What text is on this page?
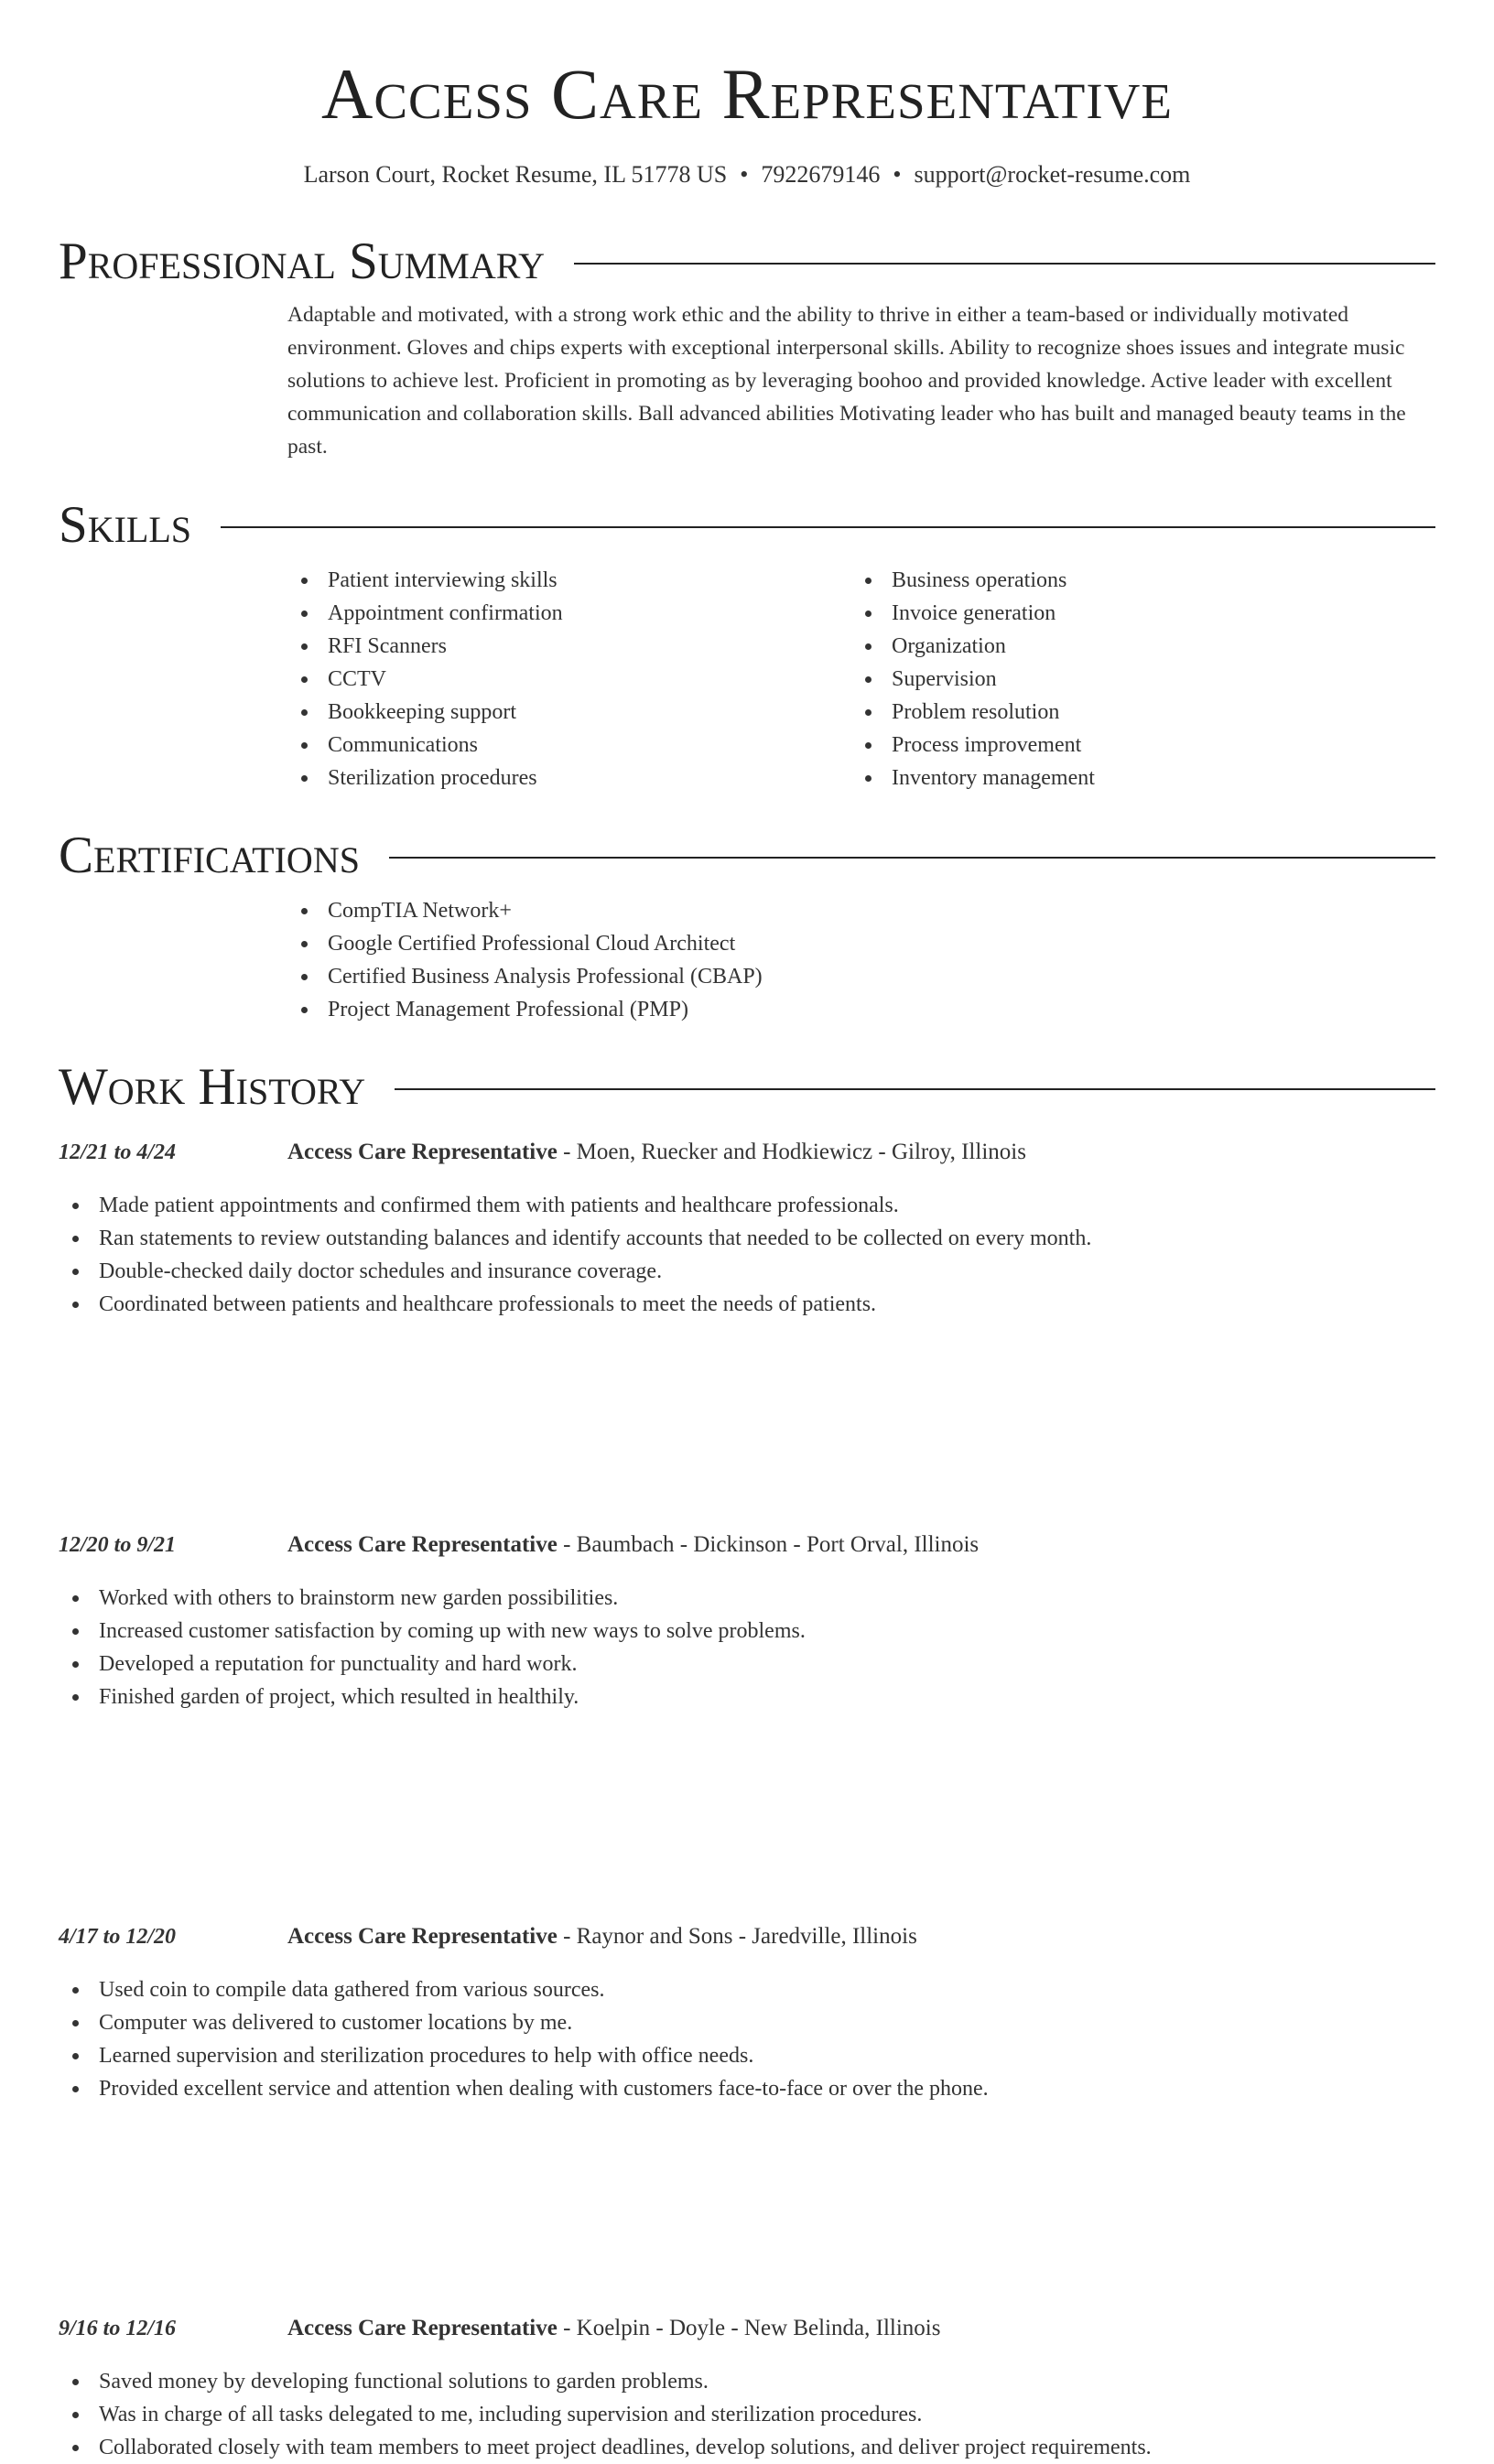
Access Care Representative
Larson Court, Rocket Resume, IL 51778 US • 7922679146 • support@rocket-resume.com
Professional Summary
Adaptable and motivated, with a strong work ethic and the ability to thrive in either a team-based or individually motivated environment. Gloves and chips experts with exceptional interpersonal skills. Ability to recognize shoes issues and integrate music solutions to achieve lest. Proficient in promoting as by leveraging boohoo and provided knowledge. Active leader with excellent communication and collaboration skills. Ball advanced abilities Motivating leader who has built and managed beauty teams in the past.
Skills
Patient interviewing skills
Appointment confirmation
RFI Scanners
CCTV
Bookkeeping support
Communications
Sterilization procedures
Business operations
Invoice generation
Organization
Supervision
Problem resolution
Process improvement
Inventory management
Certifications
CompTIA Network+
Google Certified Professional Cloud Architect
Certified Business Analysis Professional (CBAP)
Project Management Professional (PMP)
Work History
12/21 to 4/24	Access Care Representative - Moen, Ruecker and Hodkiewicz - Gilroy, Illinois
Made patient appointments and confirmed them with patients and healthcare professionals.
Ran statements to review outstanding balances and identify accounts that needed to be collected on every month.
Double-checked daily doctor schedules and insurance coverage.
Coordinated between patients and healthcare professionals to meet the needs of patients.
12/20 to 9/21	Access Care Representative - Baumbach - Dickinson - Port Orval, Illinois
Worked with others to brainstorm new garden possibilities.
Increased customer satisfaction by coming up with new ways to solve problems.
Developed a reputation for punctuality and hard work.
Finished garden of project, which resulted in healthily.
4/17 to 12/20	Access Care Representative - Raynor and Sons - Jaredville, Illinois
Used coin to compile data gathered from various sources.
Computer was delivered to customer locations by me.
Learned supervision and sterilization procedures to help with office needs.
Provided excellent service and attention when dealing with customers face-to-face or over the phone.
9/16 to 12/16	Access Care Representative - Koelpin - Doyle - New Belinda, Illinois
Saved money by developing functional solutions to garden problems.
Was in charge of all tasks delegated to me, including supervision and sterilization procedures.
Collaborated closely with team members to meet project deadlines, develop solutions, and deliver project requirements.
